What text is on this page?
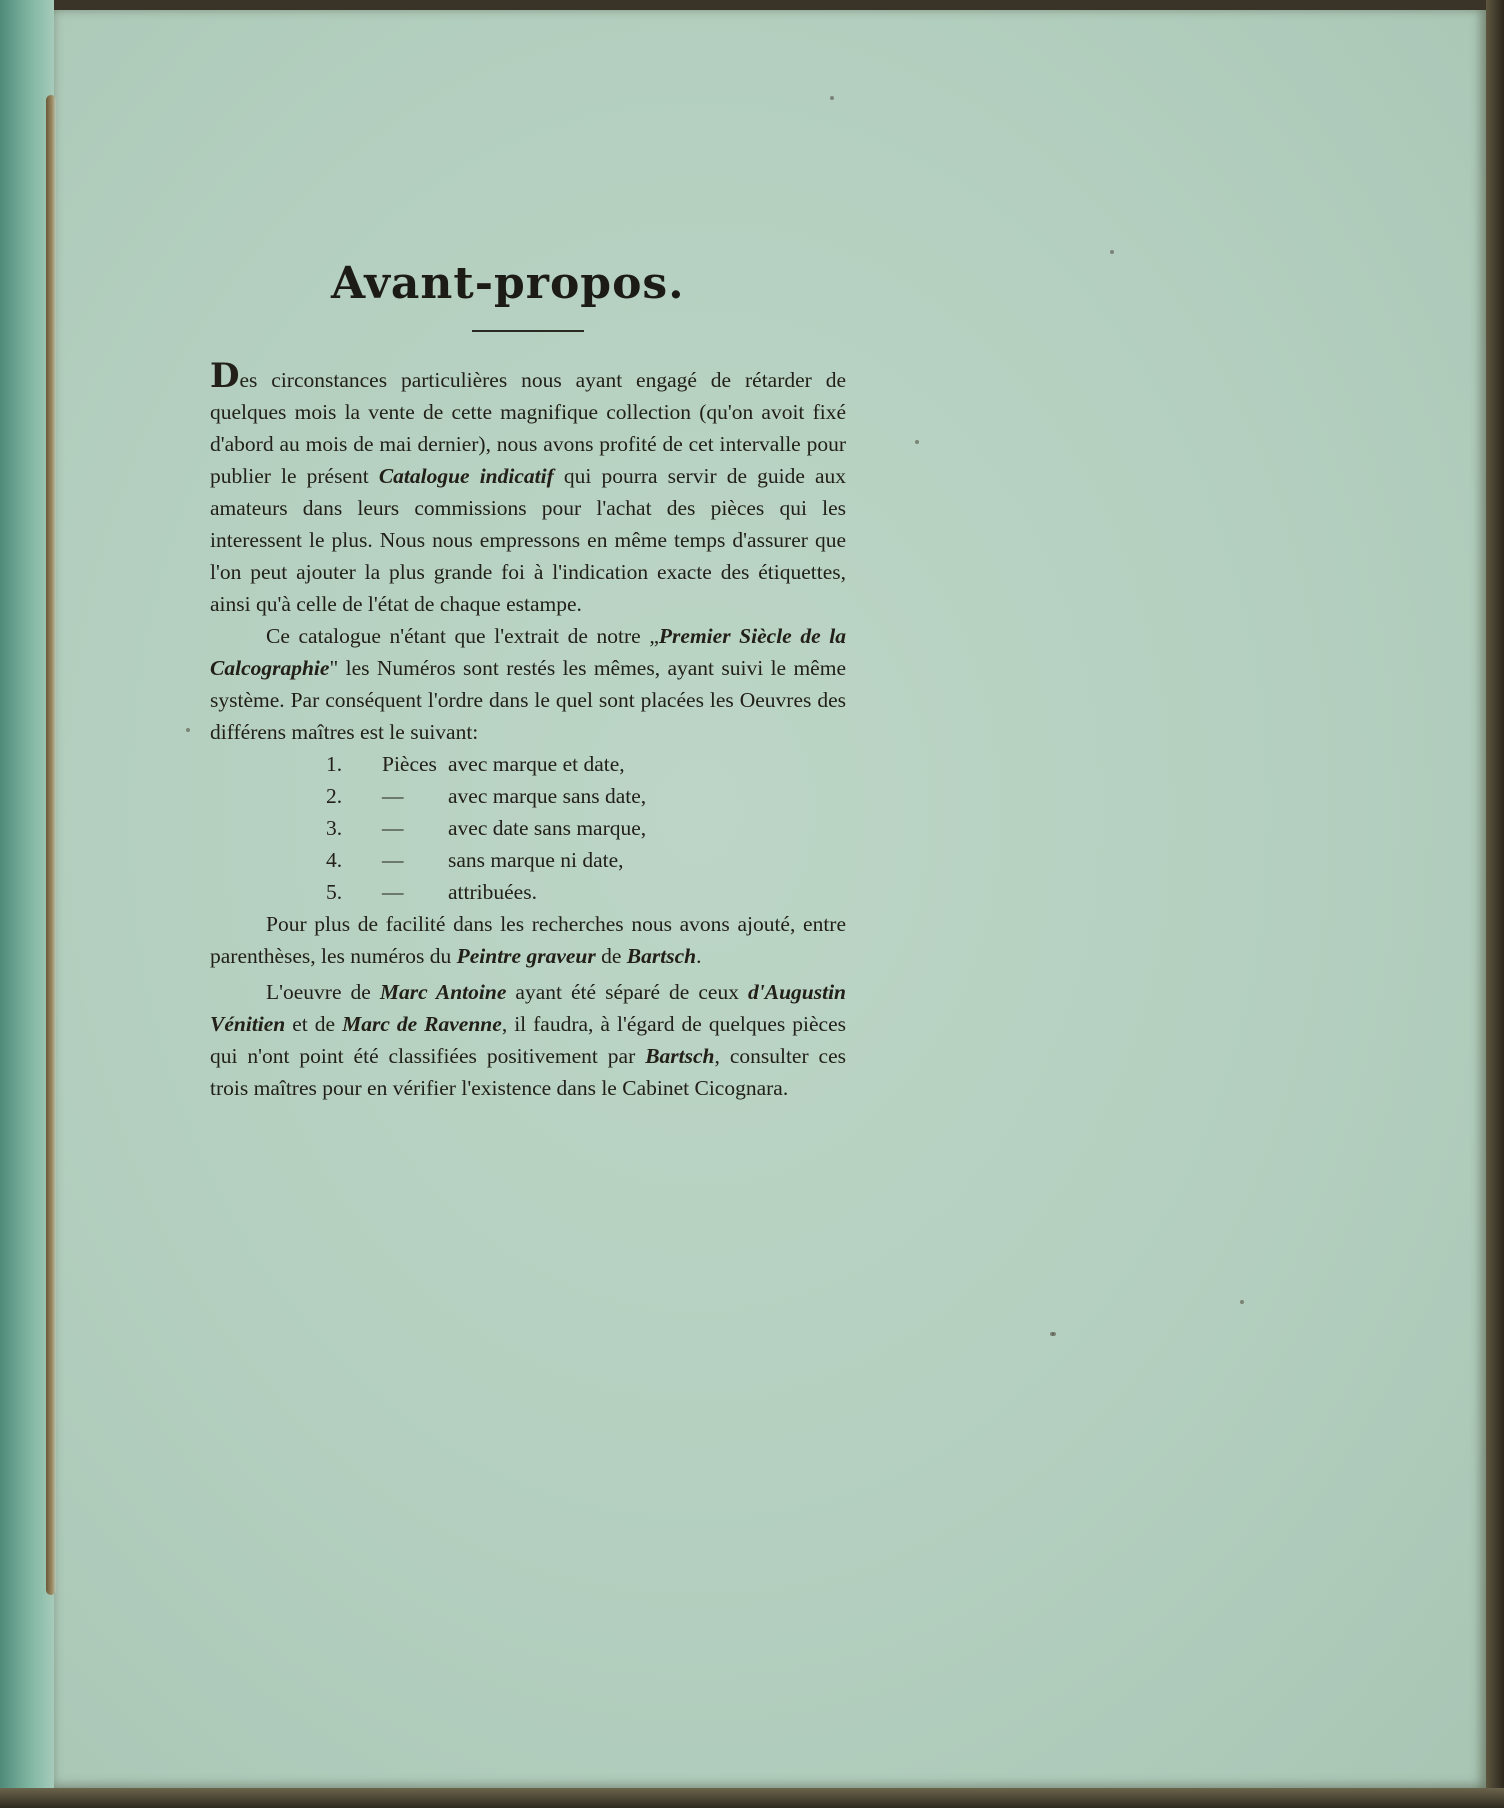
Avant-propos.

Des circonstances particulières nous ayant engagé de rétarder de quelques mois la vente de cette magnifique collection (qu'on avoit fixé d'abord au mois de mai dernier), nous avons profité de cet intervalle pour publier le présent Catalogue indicatif qui pourra servir de guide aux amateurs dans leurs commissions pour l'achat des pièces qui les interessent le plus. Nous nous empressons en même temps d'assurer que l'on peut ajouter la plus grande foi à l'indication exacte des étiquettes, ainsi qu'à celle de l'état de chaque estampe.

Ce catalogue n'étant que l'extrait de notre „Premier Siècle de la Calcographie" les Numéros sont restés les mêmes, ayant suivi le même système. Par conséquent l'ordre dans le quel sont placées les Oeuvres des différens maîtres est le suivant:

1.	Pièces avec marque et date,
2.	—	avec marque sans date,
3.	—	avec date sans marque,
4.	—	sans marque ni date,
5.	—	attribuées.

Pour plus de facilité dans les recherches nous avons ajouté, entre parenthèses, les numéros du Peintre graveur de Bartsch.

L'oeuvre de Marc Antoine ayant été séparé de ceux d'Augustin Vénitien et de Marc de Ravenne, il faudra, à l'égard de quelques pièces qui n'ont point été classifiées positivement par Bartsch, consulter ces trois maîtres pour en vérifier l'existence dans le Cabinet Cicognara.
